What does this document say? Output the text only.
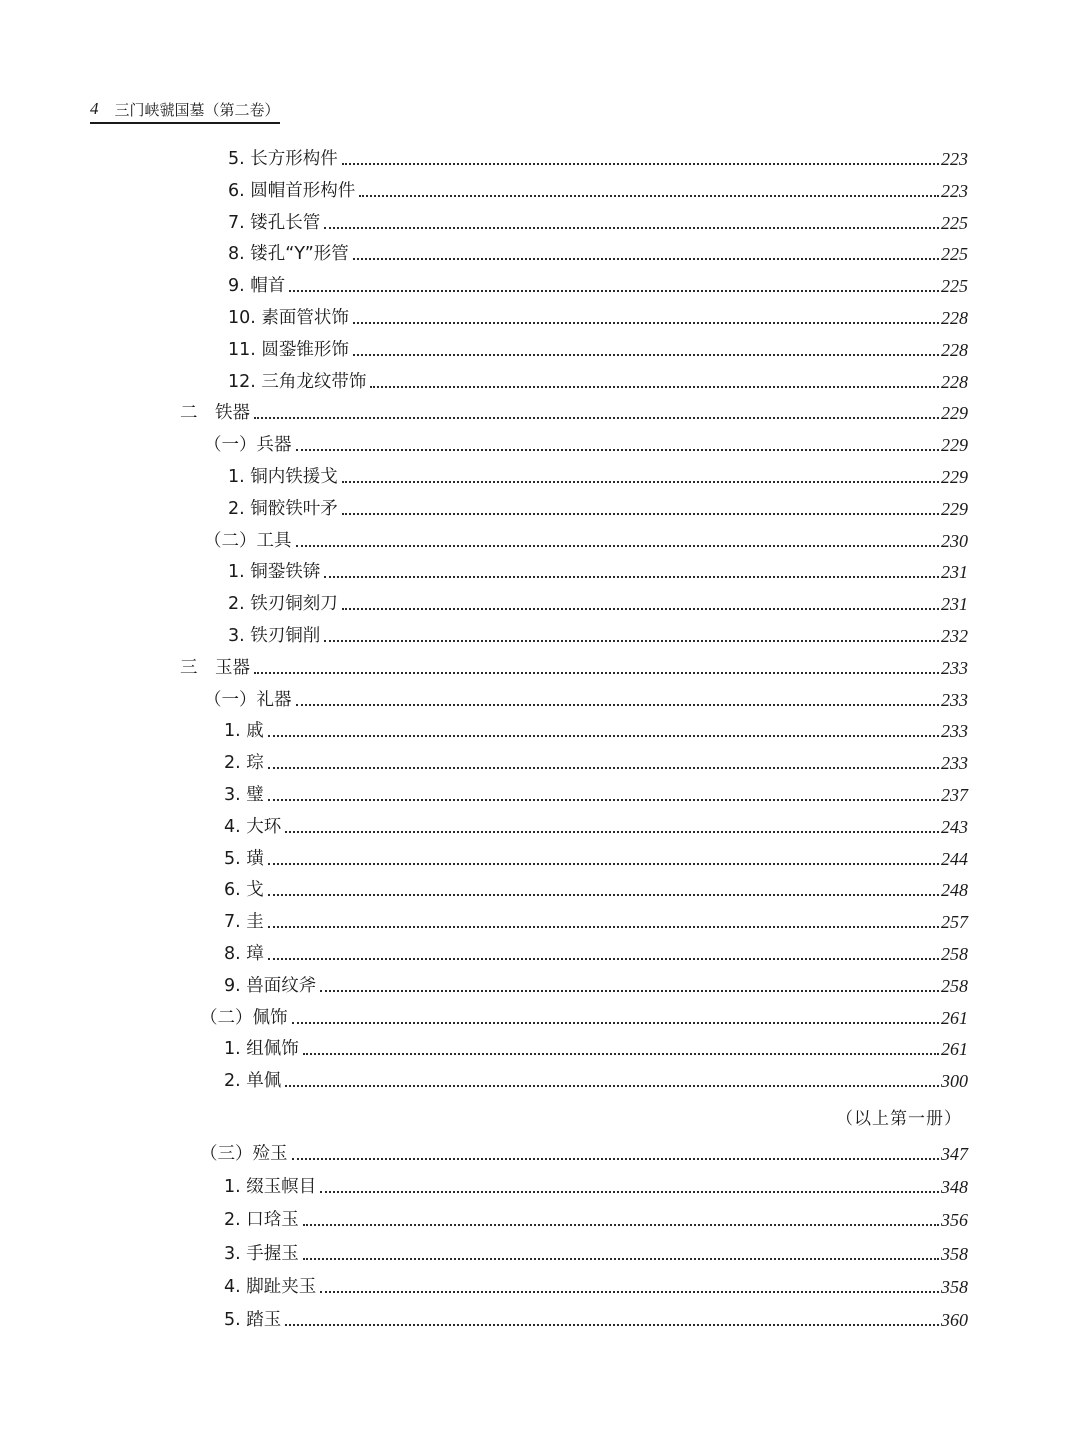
4 三门峡虢国墓（第二卷）
5. 长方形构件	223
6. 圆帽首形构件	223
7. 镂孔长管	225
8. 镂孔“Y”形管	225
9. 帽首	225
10. 素面管状饰	228
11. 圆銎锥形饰	228
12. 三角龙纹带饰	228
二　铁器	229
（一）兵器	229
1. 铜内铁援戈	229
2. 铜骹铁叶矛	229
（二）工具	230
1. 铜銎铁锛	231
2. 铁刃铜刻刀	231
3. 铁刃铜削	232
三　玉器	233
（一）礼器	233
1. 戚	233
2. 琮	233
3. 璧	237
4. 大环	243
5. 璜	244
6. 戈	248
7. 圭	257
8. 璋	258
9. 兽面纹斧	258
（二）佩饰	261
1. 组佩饰	261
2. 单佩	300
（三）殓玉	347
1. 缀玉幎目	348
2. 口琀玉	356
3. 手握玉	358
4. 脚趾夹玉	358
5. 踏玉	360
（以上第一册）
